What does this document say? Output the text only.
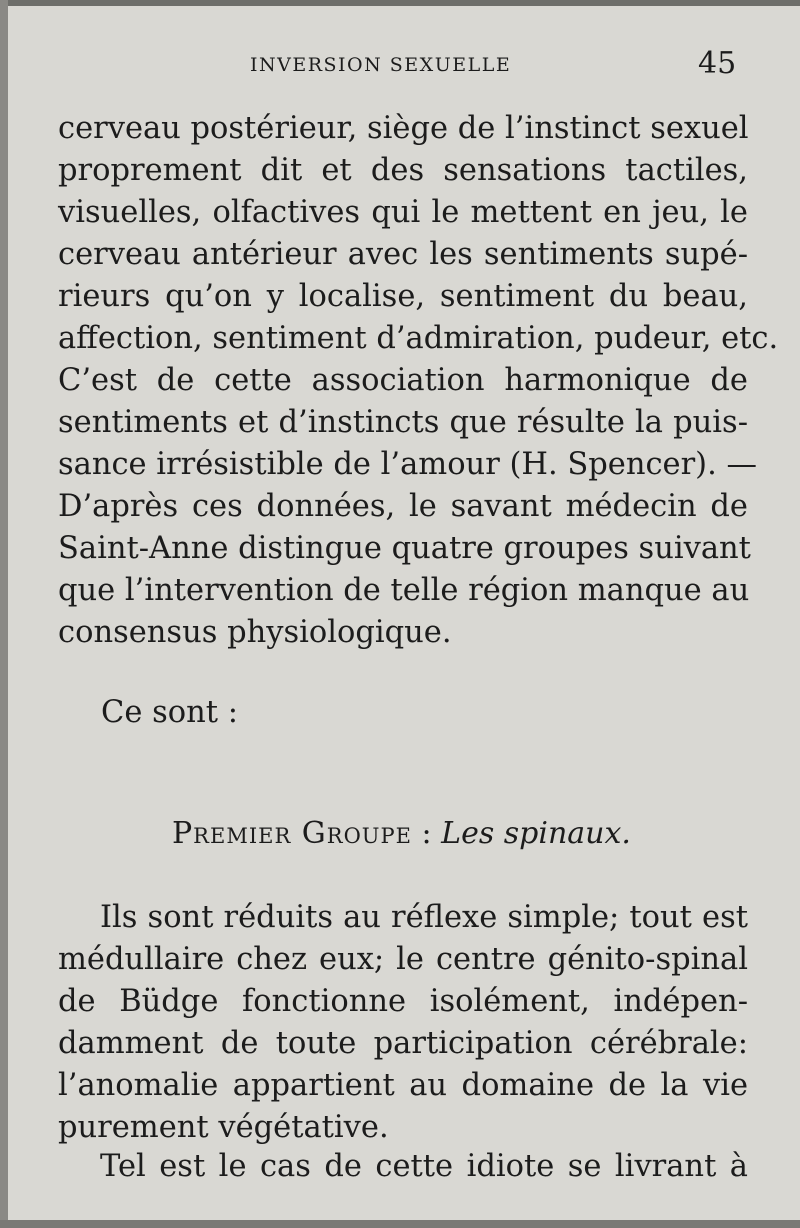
INVERSION SEXUELLE	45
cerveau postérieur, siège de l’instinct sexuel
proprement dit et des sensations tactiles,
visuelles, olfactives qui le mettent en jeu, le
cerveau antérieur avec les sentiments supé-
rieurs qu’on y localise, sentiment du beau,
affection, sentiment d’admiration, pudeur, etc.
C’est de cette association harmonique de
sentiments et d’instincts que résulte la puis-
sance irrésistible de l’amour (H. Spencer). —
D’après ces données, le savant médecin de
Saint-Anne distingue quatre groupes suivant
que l’intervention de telle région manque au
consensus physiologique.
Ce sont :
Premier Groupe : Les spinaux.
Ils sont réduits au réflexe simple; tout est
médullaire chez eux; le centre génito-spinal
de Büdge fonctionne isolément, indépen-
damment de toute participation cérébrale:
l’anomalie appartient au domaine de la vie
purement végétative.
Tel est le cas de cette idiote se livrant à
